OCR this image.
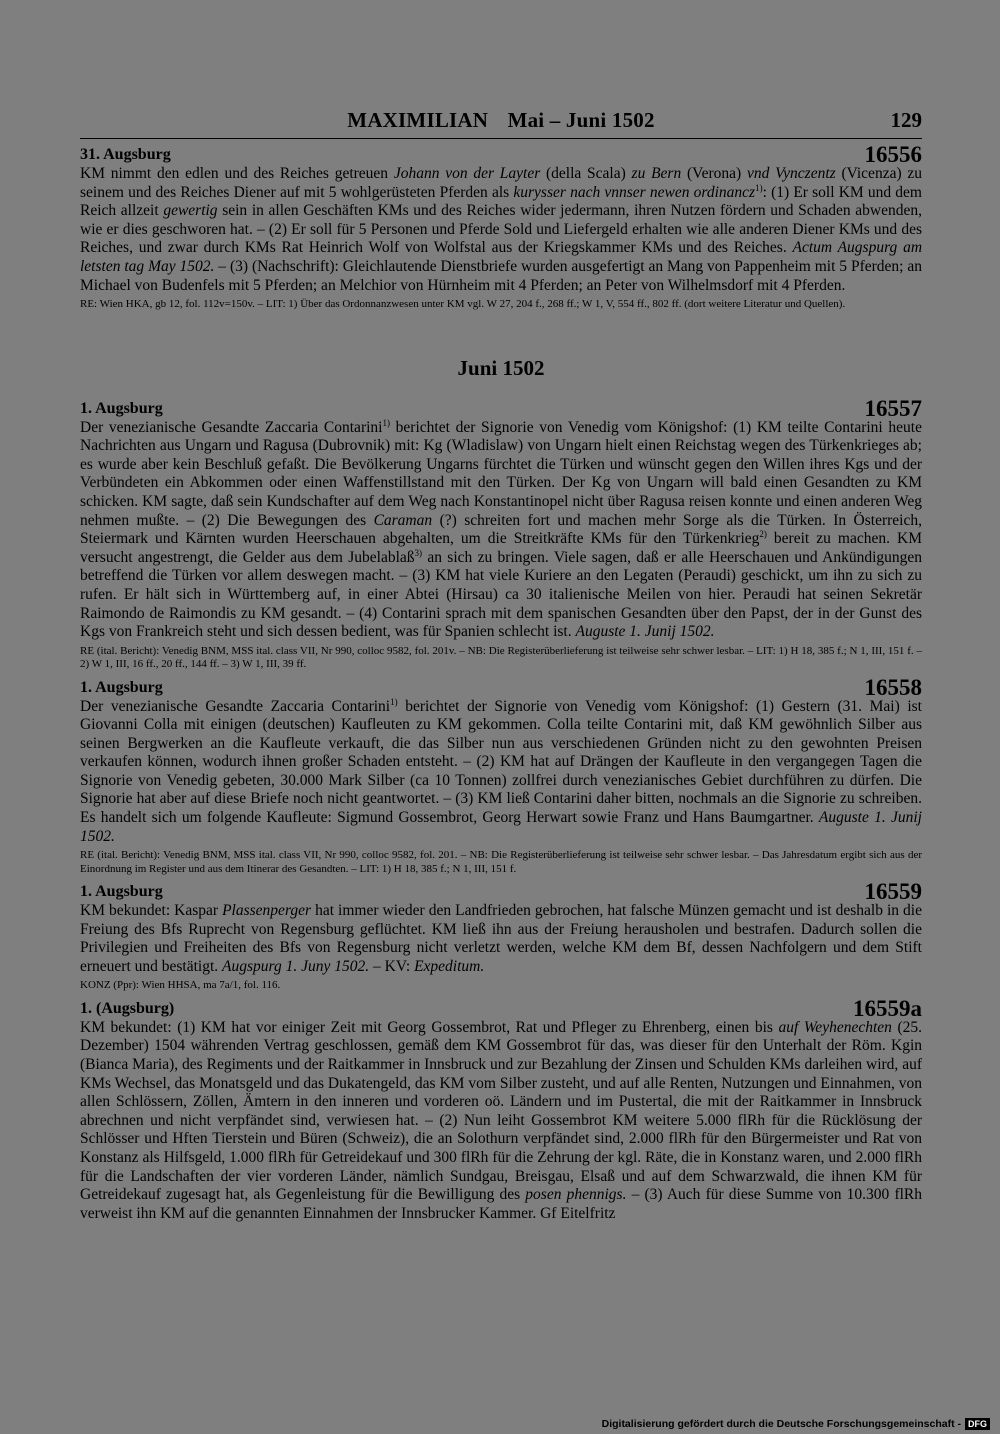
MAXIMILIAN Mai – Juni 1502	129
31. Augsburg	16556

KM nimmt den edlen und des Reiches getreuen Johann von der Layter (della Scala) zu Bern (Verona) vnd Vynczentz (Vicenza) zu seinem und des Reiches Diener auf mit 5 wohlgerüsteten Pferden als kurysser nach vnnser newen ordinancz$^{1)}$: (1) Er soll KM und dem Reich allzeit gewertig sein in allen Geschäften KMs und des Reiches wider jedermann, ihren Nutzen fördern und Schaden abwenden, wie er dies geschworen hat. – (2) Er soll für 5 Personen und Pferde Sold und Liefergeld erhalten wie alle anderen Diener KMs und des Reiches, und zwar durch KMs Rat Heinrich Wolf von Wolfstal aus der Kriegskammer KMs und des Reiches. Actum Augspurg am letsten tag May 1502. – (3) (Nachschrift): Gleichlautende Dienstbriefe wurden ausgefertigt an Mang von Pappenheim mit 5 Pferden; an Michael von Budenfels mit 5 Pferden; an Melchior von Hürnheim mit 4 Pferden; an Peter von Wilhelmsdorf mit 4 Pferden.

RE: Wien HKA, gb 12, fol. 112v=150v. – LIT: 1) Über das Ordonnanzwesen unter KM vgl. W 27, 204 f., 268 ff.; W 1, V, 554 ff., 802 ff. (dort weitere Literatur und Quellen).

Juni 1502
1. Augsburg	16557

Der venezianische Gesandte Zaccaria Contarini$^{1)}$ berichtet der Signorie von Venedig vom Königshof: (1) KM teilte Contarini heute Nachrichten aus Ungarn und Ragusa (Dubrovnik) mit: Kg (Wladislaw) von Ungarn hielt einen Reichstag wegen des Türkenkrieges ab; es wurde aber kein Beschluß gefaßt. Die Bevölkerung Ungarns fürchtet die Türken und wünscht gegen den Willen ihres Kgs und der Verbündeten ein Abkommen oder einen Waffenstillstand mit den Türken. Der Kg von Ungarn will bald einen Gesandten zu KM schicken. KM sagte, daß sein Kundschafter auf dem Weg nach Konstantinopel nicht über Ragusa reisen konnte und einen anderen Weg nehmen mußte. – (2) Die Bewegungen des Caraman (?) schreiten fort und machen mehr Sorge als die Türken. In Österreich, Steiermark und Kärnten wurden Heerschauen abgehalten, um die Streitkräfte KMs für den Türkenkrieg$^{2)}$ bereit zu machen. KM versucht angestrengt, die Gelder aus dem Jubelablaß$^{3)}$ an sich zu bringen. Viele sagen, daß er alle Heerschauen und Ankündigungen betreffend die Türken vor allem deswegen macht. – (3) KM hat viele Kuriere an den Legaten (Peraudi) geschickt, um ihn zu sich zu rufen. Er hält sich in Württemberg auf, in einer Abtei (Hirsau) ca 30 italienische Meilen von hier. Peraudi hat seinen Sekretär Raimondo de Raimondis zu KM gesandt. – (4) Contarini sprach mit dem spanischen Gesandten über den Papst, der in der Gunst des Kgs von Frankreich steht und sich dessen bedient, was für Spanien schlecht ist. Auguste 1. Junij 1502.

RE (ital. Bericht): Venedig BNM, MSS ital. class VII, Nr 990, colloc 9582, fol. 201v. – NB: Die Registerüberlieferung ist teilweise sehr schwer lesbar. – LIT: 1) H 18, 385 f.; N 1, III, 151 f. – 2) W 1, III, 16 ff., 20 ff., 144 ff. – 3) W 1, III, 39 ff.

1. Augsburg	16558

Der venezianische Gesandte Zaccaria Contarini$^{1)}$ berichtet der Signorie von Venedig vom Königshof: (1) Gestern (31. Mai) ist Giovanni Colla mit einigen (deutschen) Kaufleuten zu KM gekommen. Colla teilte Contarini mit, daß KM gewöhnlich Silber aus seinen Bergwerken an die Kaufleute verkauft, die das Silber nun aus verschiedenen Gründen nicht zu den gewohnten Preisen verkaufen können, wodurch ihnen großer Schaden entsteht. – (2) KM hat auf Drängen der Kaufleute in den vergangegen Tagen die Signorie von Venedig gebeten, 30.000 Mark Silber (ca 10 Tonnen) zollfrei durch venezianisches Gebiet durchführen zu dürfen. Die Signorie hat aber auf diese Briefe noch nicht geantwortet. – (3) KM ließ Contarini daher bitten, nochmals an die Signorie zu schreiben. Es handelt sich um folgende Kaufleute: Sigmund Gossembrot, Georg Herwart sowie Franz und Hans Baumgartner. Auguste 1. Junij 1502.

RE (ital. Bericht): Venedig BNM, MSS ital. class VII, Nr 990, colloc 9582, fol. 201. – NB: Die Registerüberlieferung ist teilweise sehr schwer lesbar. – Das Jahresdatum ergibt sich aus der Einordnung im Register und aus dem Itinerar des Gesandten. – LIT: 1) H 18, 385 f.; N 1, III, 151 f.

1. Augsburg	16559

KM bekundet: Kaspar Plassenperger hat immer wieder den Landfrieden gebrochen, hat falsche Münzen gemacht und ist deshalb in die Freiung des Bfs Ruprecht von Regensburg geflüchtet. KM ließ ihn aus der Freiung herausholen und bestrafen. Dadurch sollen die Privilegien und Freiheiten des Bfs von Regensburg nicht verletzt werden, welche KM dem Bf, dessen Nachfolgern und dem Stift erneuert und bestätigt. Augspurg 1. Juny 1502. – KV: Expeditum.

KONZ (Ppr): Wien HHSA, ma 7a/1, fol. 116.

1. (Augsburg)	16559a

KM bekundet: (1) KM hat vor einiger Zeit mit Georg Gossembrot, Rat und Pfleger zu Ehrenberg, einen bis auf Weyhenechten (25. Dezember) 1504 währenden Vertrag geschlossen, gemäß dem KM Gossembrot für das, was dieser für den Unterhalt der Röm. Kgin (Bianca Maria), des Regiments und der Raitkammer in Innsbruck und zur Bezahlung der Zinsen und Schulden KMs darleihen wird, auf KMs Wechsel, das Monatsgeld und das Dukatengeld, das KM vom Silber zusteht, und auf alle Renten, Nutzungen und Einnahmen, von allen Schlössern, Zöllen, Ämtern in den inneren und vorderen oö. Ländern und im Pustertal, die mit der Raitkammer in Innsbruck abrechnen und nicht verpfändet sind, verwiesen hat. – (2) Nun leiht Gossembrot KM weitere 5.000 flRh für die Rücklösung der Schlösser und Hften Tierstein und Büren (Schweiz), die an Solothurn verpfändet sind, 2.000 flRh für den Bürgermeister und Rat von Konstanz als Hilfsgeld, 1.000 flRh für Getreidekauf und 300 flRh für die Zehrung der kgl. Räte, die in Konstanz waren, und 2.000 flRh für die Landschaften der vier vorderen Länder, nämlich Sundgau, Breisgau, Elsaß und auf dem Schwarzwald, die ihnen KM für Getreidekauf zugesagt hat, als Gegenleistung für die Bewilligung des posen phennigs. – (3) Auch für diese Summe von 10.300 flRh verweist ihn KM auf die genannten Einnahmen der Innsbrucker Kammer. Gf Eitelfritz

Digitalisierung gefördert durch die Deutsche Forschungsgemeinschaft - DFG
